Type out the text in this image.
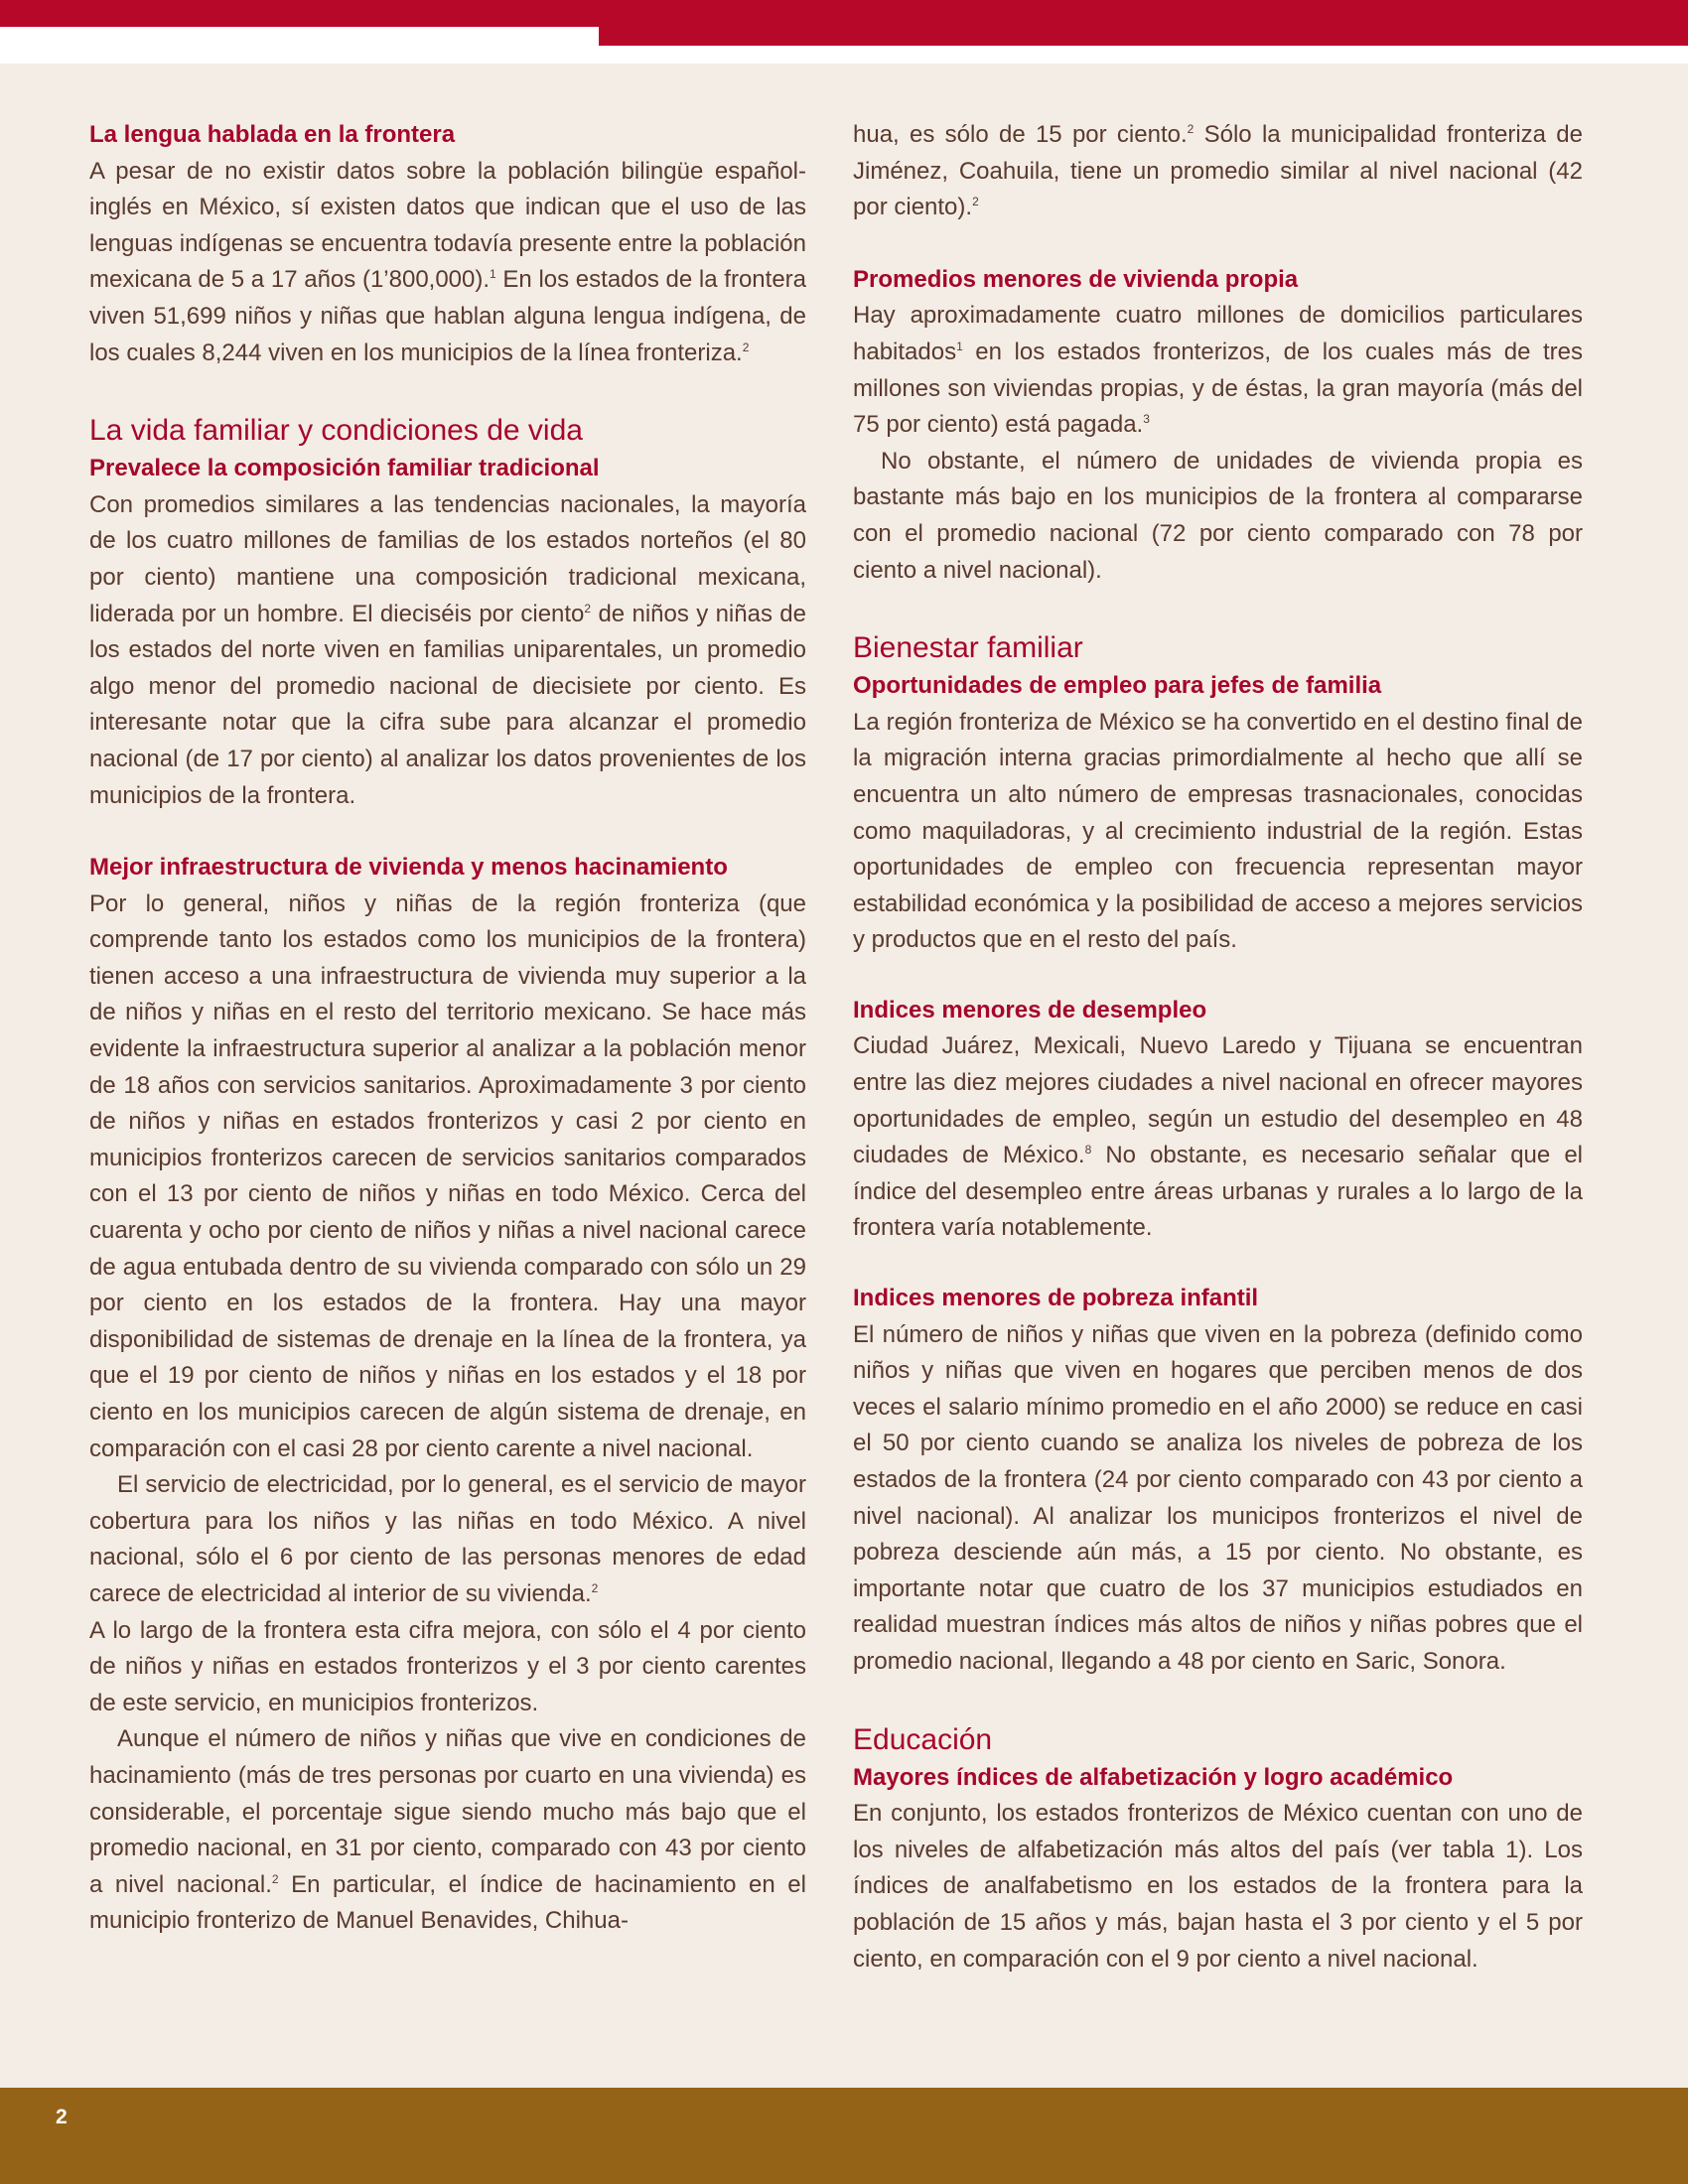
La lengua hablada en la frontera

A pesar de no existir datos sobre la población bilingüe español-inglés en México, sí existen datos que indican que el uso de las lenguas indígenas se encuentra todavía presente entre la población mexicana de 5 a 17 años (1’800,000).$^1$ En los estados de la frontera viven 51,699 niños y niñas que hablan alguna lengua indígena, de los cuales 8,244 viven en los municipios de la línea fronteriza.$^2$

La vida familiar y condiciones de vida
Prevalece la composición familiar tradicional

Con promedios similares a las tendencias nacionales, la mayoría de los cuatro millones de familias de los estados norteños (el 80 por ciento) mantiene una composición tradicional mexicana, liderada por un hombre. El dieciséis por ciento$^2$ de niños y niñas de los estados del norte viven en familias uniparentales, un promedio algo menor del promedio nacional de diecisiete por ciento. Es interesante notar que la cifra sube para alcanzar el promedio nacional (de 17 por ciento) al analizar los datos provenientes de los municipios de la frontera.

Mejor infraestructura de vivienda y menos hacinamiento

Por lo general, niños y niñas de la región fronteriza (que comprende tanto los estados como los municipios de la frontera) tienen acceso a una infraestructura de vivienda muy superior a la de niños y niñas en el resto del territorio mexicano. Se hace más evidente la infraestructura superior al analizar a la población menor de 18 años con servicios sanitarios. Aproximadamente 3 por ciento de niños y niñas en estados fronterizos y casi 2 por ciento en municipios fronterizos carecen de servicios sanitarios comparados con el 13 por ciento de niños y niñas en todo México. Cerca del cuarenta y ocho por ciento de niños y niñas a nivel nacional carece de agua entubada dentro de su vivienda comparado con sólo un 29 por ciento en los estados de la frontera. Hay una mayor disponibilidad de sistemas de drenaje en la línea de la frontera, ya que el 19 por ciento de niños y niñas en los estados y el 18 por ciento en los municipios carecen de algún sistema de drenaje, en comparación con el casi 28 por ciento carente a nivel nacional.

El servicio de electricidad, por lo general, es el servicio de mayor cobertura para los niños y las niñas en todo México. A nivel nacional, sólo el 6 por ciento de las personas menores de edad carece de electricidad al interior de su vivienda.$^2$

A lo largo de la frontera esta cifra mejora, con sólo el 4 por ciento de niños y niñas en estados fronterizos y el 3 por ciento carentes de este servicio, en municipios fronterizos.

Aunque el número de niños y niñas que vive en condiciones de hacinamiento (más de tres personas por cuarto en una vivienda) es considerable, el porcentaje sigue siendo mucho más bajo que el promedio nacional, en 31 por ciento, comparado con 43 por ciento a nivel nacional.$^2$ En particular, el índice de hacinamiento en el municipio fronterizo de Manuel Benavides, Chihua-

hua, es sólo de 15 por ciento.$^2$ Sólo la municipalidad fronteriza de Jiménez, Coahuila, tiene un promedio similar al nivel nacional (42 por ciento).$^2$

Promedios menores de vivienda propia

Hay aproximadamente cuatro millones de domicilios particulares habitados$^1$ en los estados fronterizos, de los cuales más de tres millones son viviendas propias, y de éstas, la gran mayoría (más del 75 por ciento) está pagada.$^3$

No obstante, el número de unidades de vivienda propia es bastante más bajo en los municipios de la frontera al compararse con el promedio nacional (72 por ciento comparado con 78 por ciento a nivel nacional).

Bienestar familiar
Oportunidades de empleo para jefes de familia

La región fronteriza de México se ha convertido en el destino final de la migración interna gracias primordialmente al hecho que allí se encuentra un alto número de empresas trasnacionales, conocidas como maquiladoras, y al crecimiento industrial de la región. Estas oportunidades de empleo con frecuencia representan mayor estabilidad económica y la posibilidad de acceso a mejores servicios y productos que en el resto del país.

Indices menores de desempleo

Ciudad Juárez, Mexicali, Nuevo Laredo y Tijuana se encuentran entre las diez mejores ciudades a nivel nacional en ofrecer mayores oportunidades de empleo, según un estudio del desempleo en 48 ciudades de México.$^8$ No obstante, es necesario señalar que el índice del desempleo entre áreas urbanas y rurales a lo largo de la frontera varía notablemente.

Indices menores de pobreza infantil

El número de niños y niñas que viven en la pobreza (definido como niños y niñas que viven en hogares que perciben menos de dos veces el salario mínimo promedio en el año 2000) se reduce en casi el 50 por ciento cuando se analiza los niveles de pobreza de los estados de la frontera (24 por ciento comparado con 43 por ciento a nivel nacional). Al analizar los municipos fronterizos el nivel de pobreza desciende aún más, a 15 por ciento. No obstante, es importante notar que cuatro de los 37 municipios estudiados en realidad muestran índices más altos de niños y niñas pobres que el promedio nacional, llegando a 48 por ciento en Saric, Sonora.

Educación
Mayores índices de alfabetización y logro académico

En conjunto, los estados fronterizos de México cuentan con uno de los niveles de alfabetización más altos del país (ver tabla 1). Los índices de analfabetismo en los estados de la frontera para la población de 15 años y más, bajan hasta el 3 por ciento y el 5 por ciento, en comparación con el 9 por ciento a nivel nacional.

2
